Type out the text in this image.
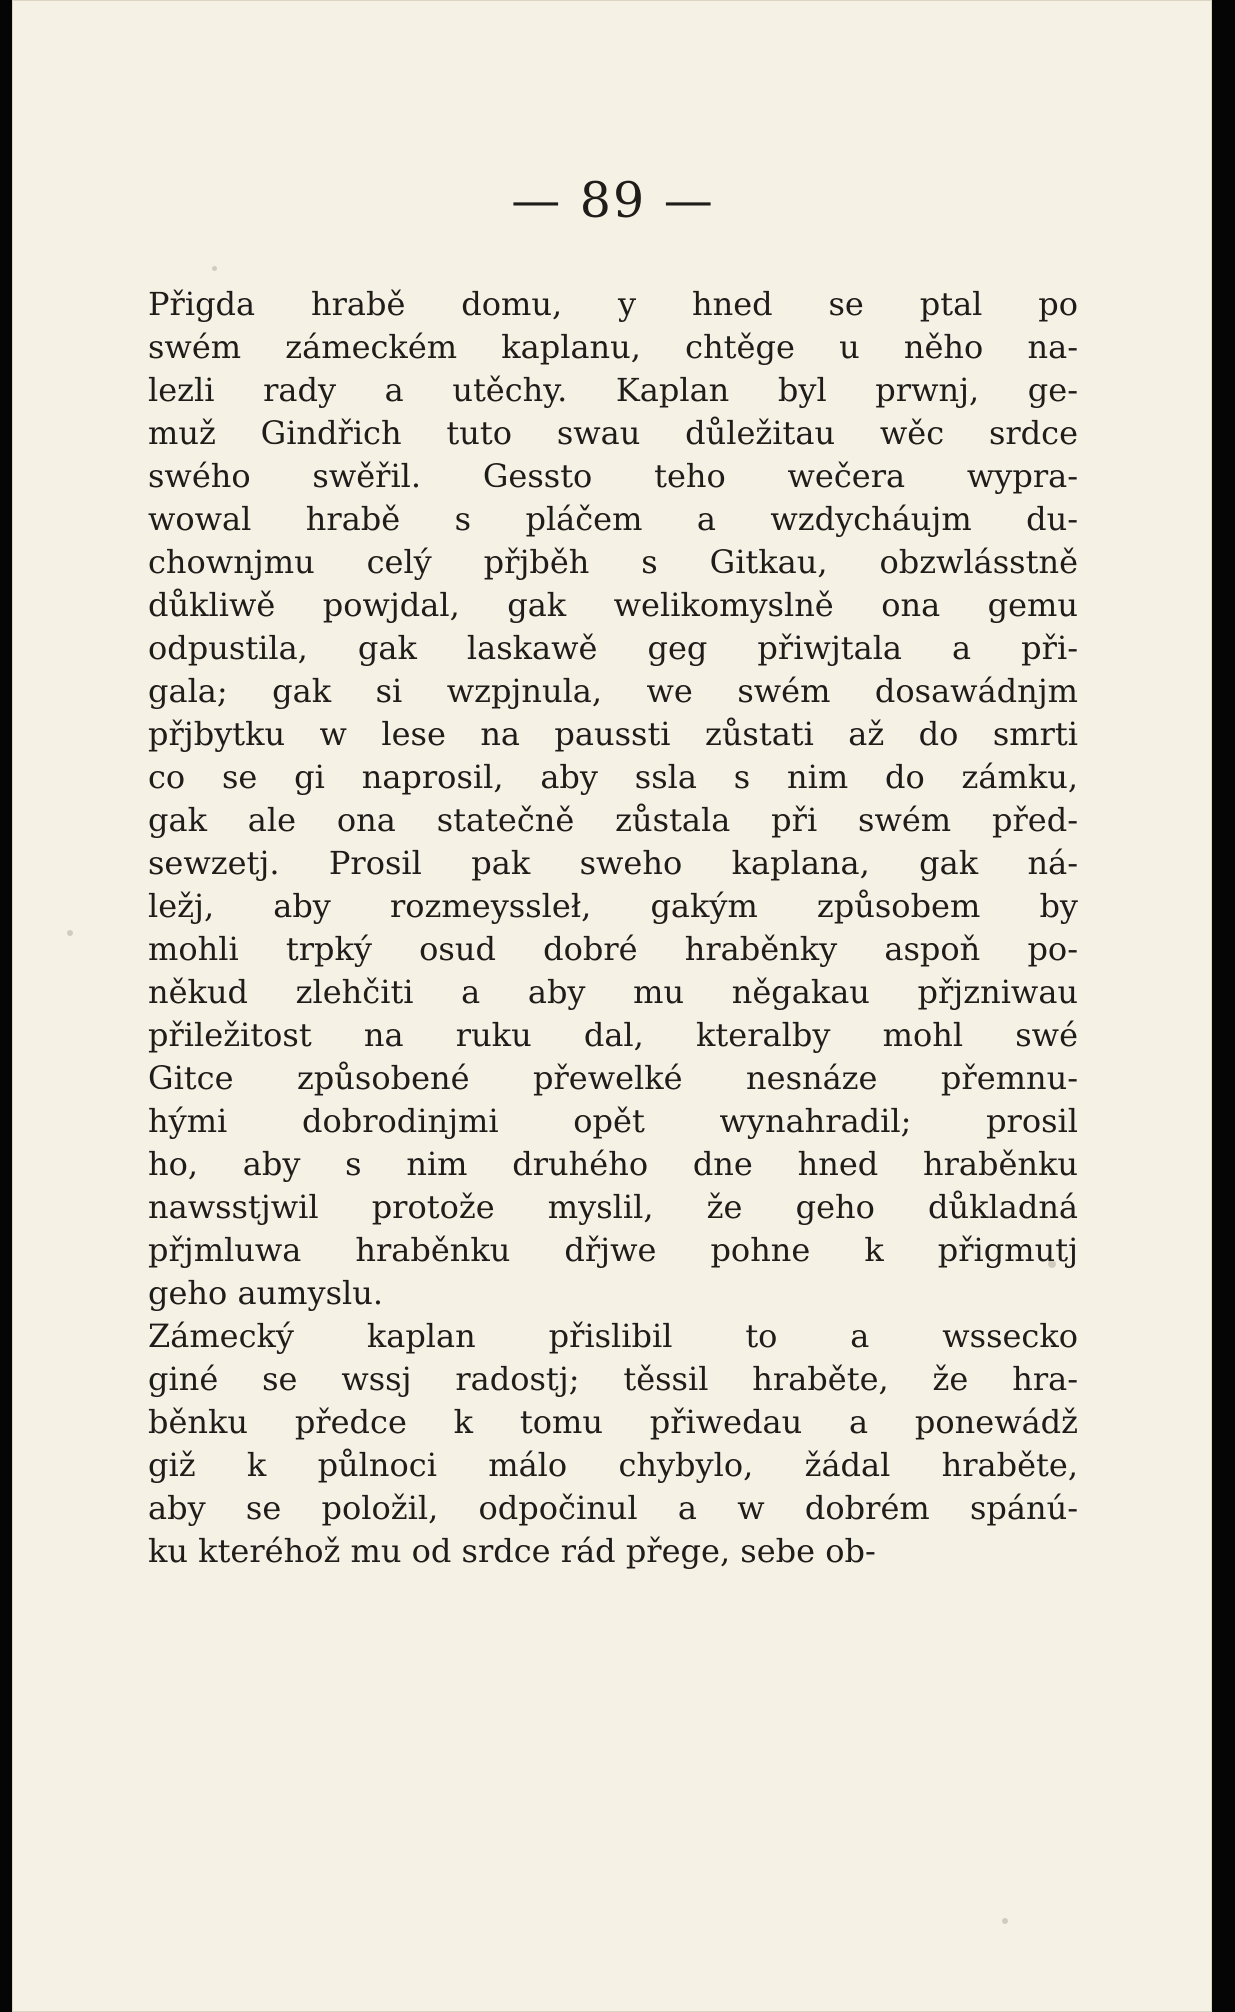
— 89 —
Přigda hrabě domu, y hned se ptal po
swém zámeckém kaplanu, chtěge u něho na-
lezli rady a utěchy. Kaplan byl prwnj, ge-
muž Gindřich tuto swau důležitau wěc srdce
swého swěřil. Gessto teho wečera wypra-
wowal hrabě s pláčem a wzdycháujm du-
chownjmu celý přjběh s Gitkau, obzwlásstně
důkliwě powjdal, gak welikomyslně ona gemu
odpustila, gak laskawě geg přiwjtala a při-
gala; gak si wzpjnula, we swém dosawádnjm
přjbytku w lese na paussti zůstati až do smrti
co se gi naprosil, aby ssla s nim do zámku,
gak ale ona statečně zůstala při swém před-
sewzetj. Prosil pak sweho kaplana, gak ná-
ležj, aby rozmeyssleł, gakým způsobem by
mohli trpký osud dobré hraběnky aspoň po-
někud zlehčiti a aby mu něgakau přjzniwau
přiležitost na ruku dal, kteralby mohl swé
Gitce způsobené přewelké nesnáze přemnu-
hými dobrodinjmi opět wynahradil; prosil
ho, aby s nim druhého dne hned hraběnku
nawsstjwil protože myslil, že geho důkladná
přjmluwa hraběnku dřjwe pohne k přigmutj
geho aumyslu.
Zámecký kaplan přislibil to a wsseckо
giné se wssj radostj; těssil hraběte, že hra-
běnku předce k tomu přiwedau a ponewádž
giž k půlnoci málo chybylo, žádal hraběte,
aby se položil, odpočinul a w dobrém spánú-
ku kteréhož mu od srdce rád přege, sebe ob-
